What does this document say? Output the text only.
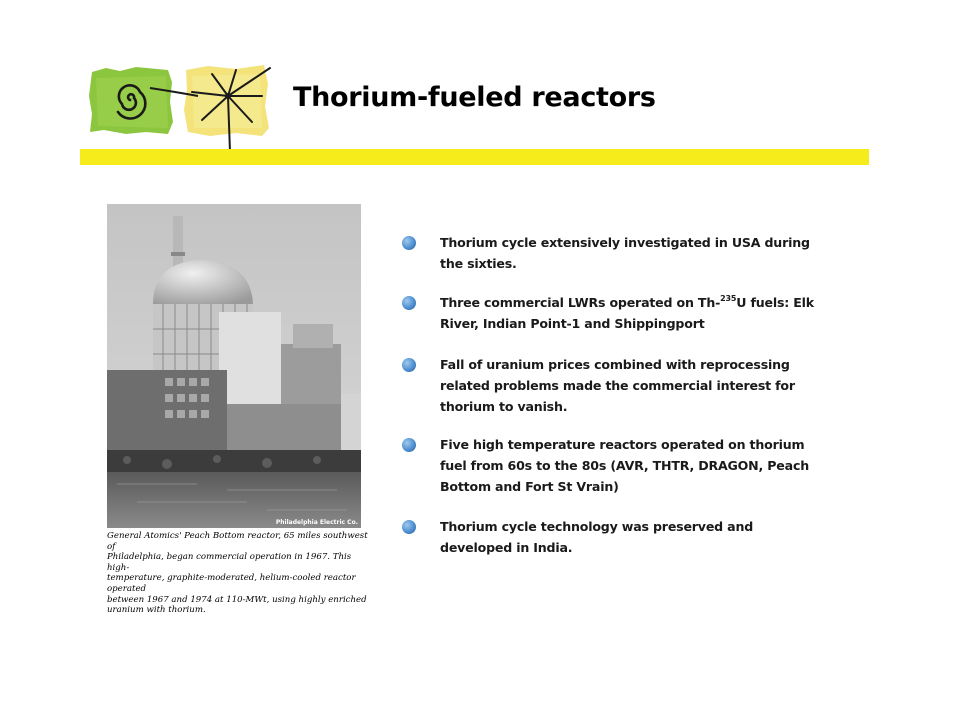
Thorium-fueled reactors
Philadelphia Electric Co.
General Atomics' Peach Bottom reactor, 65 miles southwest of
Philadelphia, began commercial operation in 1967. This high-
temperature, graphite-moderated, helium-cooled reactor operated
between 1967 and 1974 at 110-MWt, using highly enriched
uranium with thorium.
Thorium cycle extensively investigated in USA during the sixties.
Three commercial LWRs operated on Th-$^{235}$U fuels: Elk River, Indian Point-1 and Shippingport
Fall of uranium prices combined with reprocessing related problems made the commercial interest for thorium to vanish.
Five high temperature reactors operated on thorium fuel from 60s to the 80s (AVR, THTR, DRAGON, Peach Bottom and Fort St Vrain)
Thorium cycle technology was preserved and developed in India.
